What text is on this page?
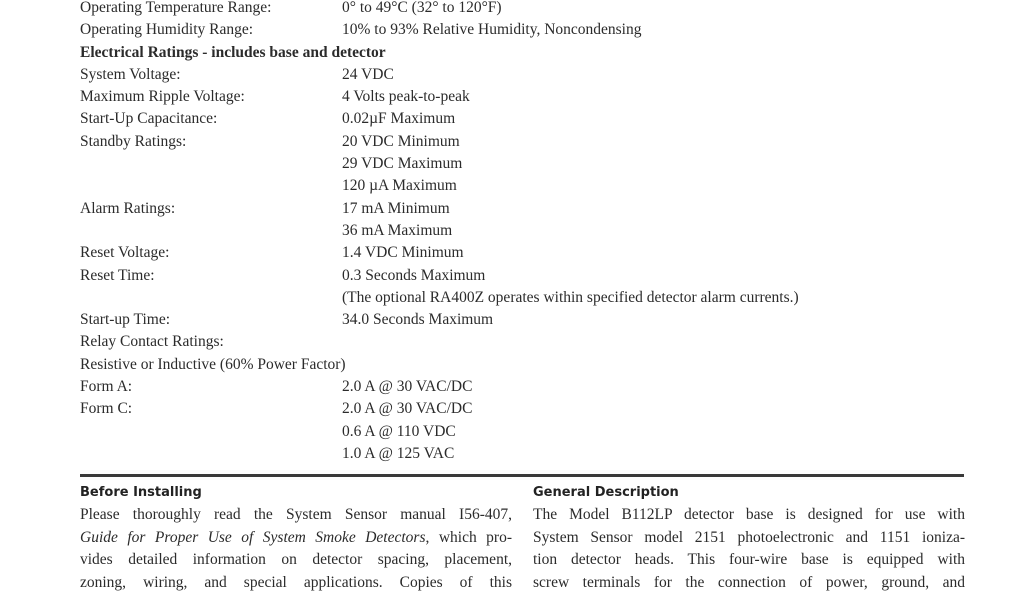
Operating Temperature Range:	0° to 49°C (32° to 120°F)
Operating Humidity Range:	10% to 93% Relative Humidity, Noncondensing
Electrical Ratings - includes base and detector
System Voltage:	24 VDC
Maximum Ripple Voltage:	4 Volts peak-to-peak
Start-Up Capacitance:	0.02µF Maximum
Standby Ratings:	20 VDC Minimum
29 VDC Maximum
120 µA Maximum
Alarm Ratings:	17 mA Minimum
36 mA Maximum
Reset Voltage:	1.4 VDC Minimum
Reset Time:	0.3 Seconds Maximum
(The optional RA400Z operates within specified detector alarm currents.)
Start-up Time:	34.0 Seconds Maximum
Relay Contact Ratings:
Resistive or Inductive (60% Power Factor)
Form A:	2.0 A @ 30 VAC/DC
Form C:	2.0 A @ 30 VAC/DC
0.6 A @ 110 VDC
1.0 A @ 125 VAC
Before Installing
Please thoroughly read the System Sensor manual I56-407,
Guide for Proper Use of System Smoke Detectors, which pro-
vides detailed information on detector spacing, placement,
zoning, wiring, and special applications. Copies of this
General Description
The Model B112LP detector base is designed for use with
System Sensor model 2151 photoelectronic and 1151 ioniza-
tion detector heads. This four-wire base is equipped with
screw terminals for the connection of power, ground, and
